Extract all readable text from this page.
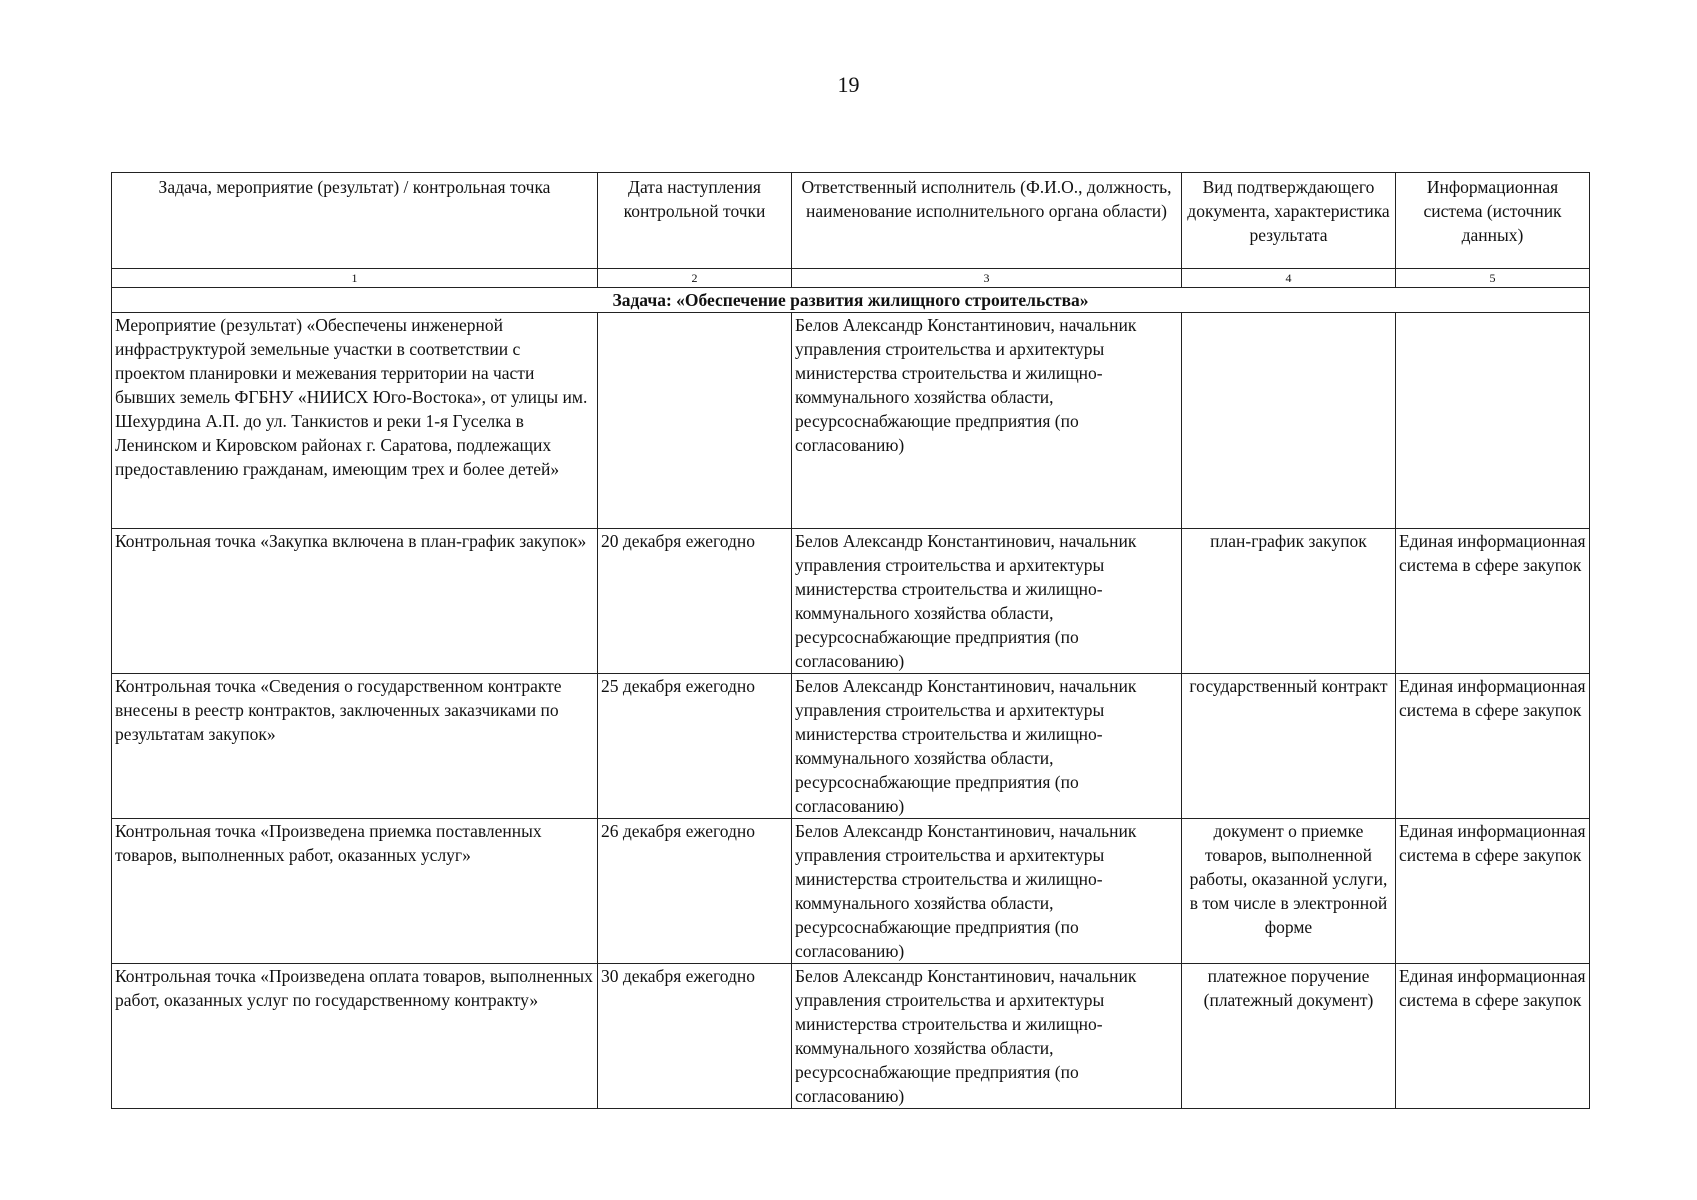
19
Задача, мероприятие (результат) / контрольная точка	Дата наступления контрольной точки	Ответственный исполнитель (Ф.И.О., должность, наименование исполнительного органа области)	Вид подтверждающего документа, характеристика результата	Информационная система (источник данных)
1	2	3	4	5
Задача: «Обеспечение развития жилищного строительства»				
Мероприятие (результат) «Обеспечены инженерной инфраструктурой земельные участки в соответствии с проектом планировки и межевания территории на части бывших земель ФГБНУ «НИИСХ Юго-Востока», от улицы им. Шехурдина А.П. до ул. Танкистов и реки 1-я Гуселка в Ленинском и Кировском районах г. Саратова, подлежащих предоставлению гражданам, имеющим трех и более детей»		Белов Александр Константинович, начальник управления строительства и архитектуры министерства строительства и жилищно-коммунального хозяйства области, ресурсоснабжающие предприятия (по согласованию)		
Контрольная точка «Закупка включена в план-график закупок»	20 декабря ежегодно	Белов Александр Константинович, начальник управления строительства и архитектуры министерства строительства и жилищно-коммунального хозяйства области, ресурсоснабжающие предприятия (по согласованию)	план-график закупок	Единая информационная система в сфере закупок
Контрольная точка «Сведения о государственном контракте внесены в реестр контрактов, заключенных заказчиками по результатам закупок»	25 декабря ежегодно	Белов Александр Константинович, начальник управления строительства и архитектуры министерства строительства и жилищно-коммунального хозяйства области, ресурсоснабжающие предприятия (по согласованию)	государственный контракт	Единая информационная система в сфере закупок
Контрольная точка «Произведена приемка поставленных товаров, выполненных работ, оказанных услуг»	26 декабря ежегодно	Белов Александр Константинович, начальник управления строительства и архитектуры министерства строительства и жилищно-коммунального хозяйства области, ресурсоснабжающие предприятия (по согласованию)	документ о приемке товаров, выполненной работы, оказанной услуги, в том числе в электронной форме	Единая информационная система в сфере закупок
Контрольная точка «Произведена оплата товаров, выполненных работ, оказанных услуг по государственному контракту»	30 декабря ежегодно	Белов Александр Константинович, начальник управления строительства и архитектуры министерства строительства и жилищно-коммунального хозяйства области, ресурсоснабжающие предприятия (по согласованию)	платежное поручение (платежный документ)	Единая информационная система в сфере закупок
